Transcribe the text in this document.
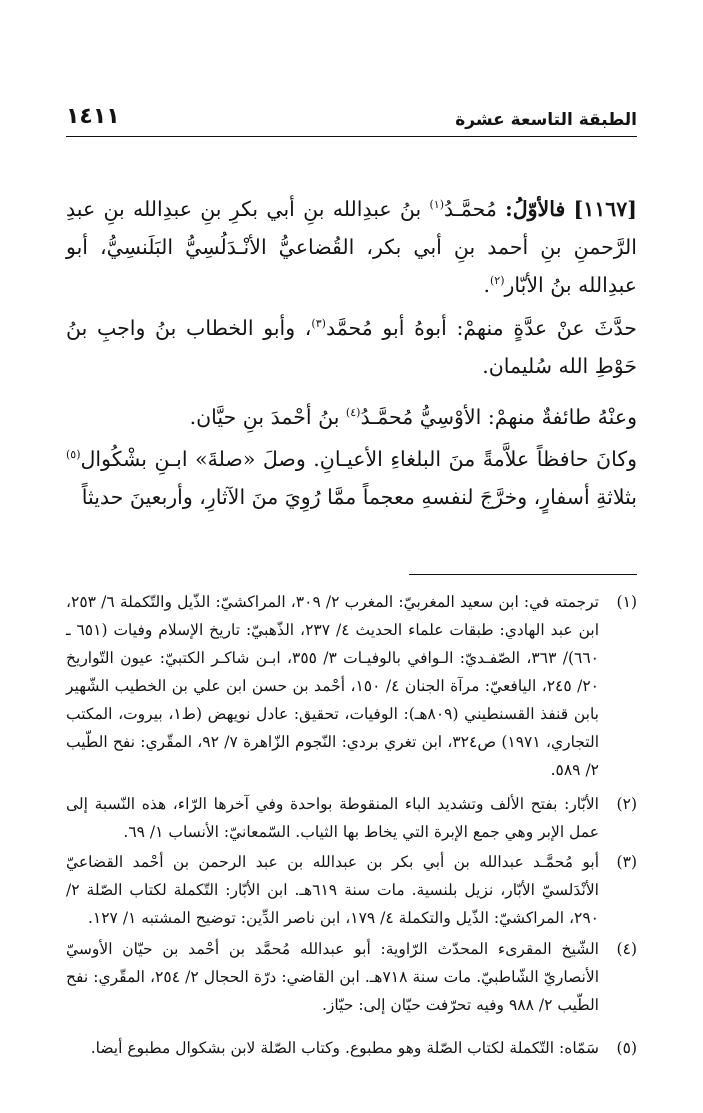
الطبقة التاسعة عشرة
١٤١١
[١١٦٧] فالأوّلُ: مُحمَّـدُ$^{(١)}$ بنُ عبدِالله بنِ أبي بكرِ بنِ عبدِالله بنِ عبدِ الرَّحمنِ بنِ أحمد بنِ أبي بكر، القُضاعيُّ الأنْـدَلُسِيُّ البَلَنسِيُّ، أبو عبدِالله بنُ الأبّار$^{(٢)}$.
حدَّثَ عنْ عدَّةٍ منهمْ: أبوهُ أبو مُحمَّد$^{(٣)}$، وأبو الخطاب بنُ واجبِ بنُ حَوْطِ الله سُليمان.
وعنْهُ طائفةٌ منهمْ: الأوْسِيُّ مُحمَّـدُ$^{(٤)}$ بنُ أحْمدَ بنِ حيَّان.
وكانَ حافظاً علاَّمةً منَ البلغاءِ الأعيـانِ. وصلَ «صلةَ» ابـنِ بشْكُوال$^{(٥)}$ بثلاثةِ أسفارٍ، وخرَّجَ لنفسهِ معجماً ممَّا رُوِيَ منَ الآثارِ، وأربعينَ حديثاً
(١)
ترجمته في: ابن سعيد المغربيّ: المغرب ٢/ ٣٠٩، المراكشيّ: الذّيل والتّكملة ٦/ ٢٥٣، ابن عبد الهادي: طبقات علماء الحديث ٤/ ٢٣٧، الذّهبيّ: تاريخ الإسلام وفيات (٦٥١ ـ ٦٦٠)/ ٣٦٣، الصّفـديّ: الـوافي بالوفيـات ٣/ ٣٥٥، ابـن شاكـر الكتبيّ: عيون التّواريخ ٢٠/ ٢٤٥، اليافعيّ: مرآة الجنان ٤/ ١٥٠، أحْمد بن حسن ابن علي بن الخطيب الشّهير بابن قنفذ القسنطيني (٨٠٩هـ): الوفيات، تحقيق: عادل نويهض (ط١، بيروت، المكتب التجاري، ١٩٧١) ص٣٢٤، ابن تغري بردي: النّجوم الزّاهرة ٧/ ٩٢، المقّري: نفح الطّيب ٢/ ٥٨٩.
(٢)
الأبّار: بفتح الألف وتشديد الباء المنقوطة بواحدة وفي آخرها الرّاء، هذه النّسبة إلى عمل الإبر وهي جمع الإبرة التي يخاط بها الثياب. السّمعانيّ: الأنساب ١/ ٦٩.
(٣)
أبو مُحمَّـد عبدالله بن أبي بكر بن عبدالله بن عبد الرحمن بن أحْمد القضاعيّ الأنْدَلسيّ الأبّار، نزيل بلنسية. مات سنة ٦١٩هـ. ابن الأبّار: التّكملة لكتاب الصّلة ٢/ ٢٩٠، المراكشيّ: الذّيل والتكملة ٤/ ١٧٩، ابن ناصر الدِّين: توضيح المشتبه ١/ ١٢٧.
(٤)
الشّيخ المقرىء المحدّث الرّاوية: أبو عبدالله مُحمَّد بن أحْمد بن حيّان الأوسيّ الأنصاريّ الشّاطبيّ. مات سنة ٧١٨هـ. ابن القاضي: درّة الحجال ٢/ ٢٥٤، المقّري: نفح الطّيب ٢/ ٩٨٨ وفيه تحرّفت حيّان إلى: حيّاز.
(٥)
سَمّاه: التّكملة لكتاب الصّلة وهو مطبوع. وكتاب الصّلة لابن بشكوال مطبوع أيضا.
